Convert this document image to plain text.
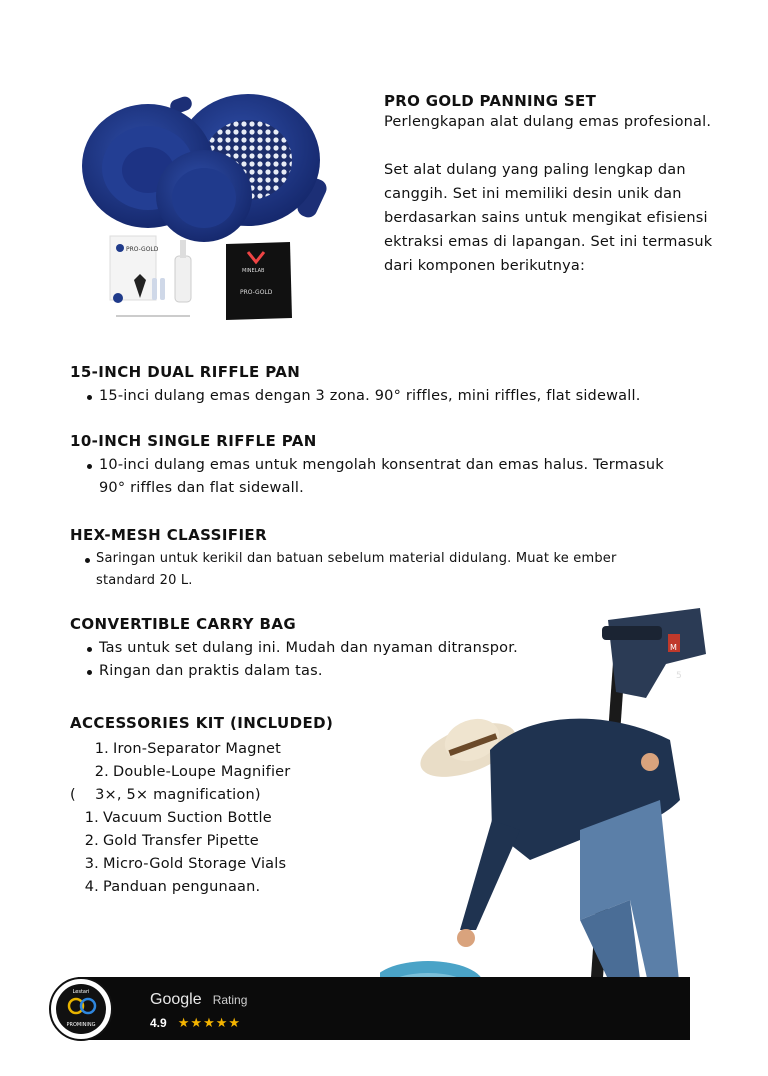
PRO-GOLD
MINELAB
PRO-GOLD
PRO GOLD PANNING SET

Perlengkapan alat dulang emas profesional.

Set alat dulang yang paling lengkap dan

canggih. Set ini memiliki desin unik dan

berdasarkan sains untuk mengikat efisiensi

ektraksi emas di lapangan. Set ini termasuk

dari komponen berikutnya:

15-INCH DUAL RIFFLE PAN
15-inci dulang emas dengan 3 zona. 90° riffles, mini riffles, flat sidewall.
10-INCH SINGLE RIFFLE PAN
10-inci dulang emas untuk mengolah konsentrat dan emas halus. Termasuk
90° riffles dan flat sidewall.
HEX-MESH CLASSIFIER
Saringan untuk kerikil dan batuan sebelum material didulang. Muat ke ember
standard 20 L.
CONVERTIBLE CARRY BAG
Tas untuk set dulang ini. Mudah dan nyaman ditranspor.
Ringan dan praktis dalam tas.	5
M
ACCESSORIES KIT (INCLUDED)
1. Iron-Separator Magnet
2. Double-Loupe Magnifier
(    3×, 5× magnification)
1. Vacuum Suction Bottle
2. Gold Transfer Pipette
3. Micro-Gold Storage Vials
4. Panduan pengunaan.
Google Rating
4.9 ★★★★★
Lestari
PROMINING
